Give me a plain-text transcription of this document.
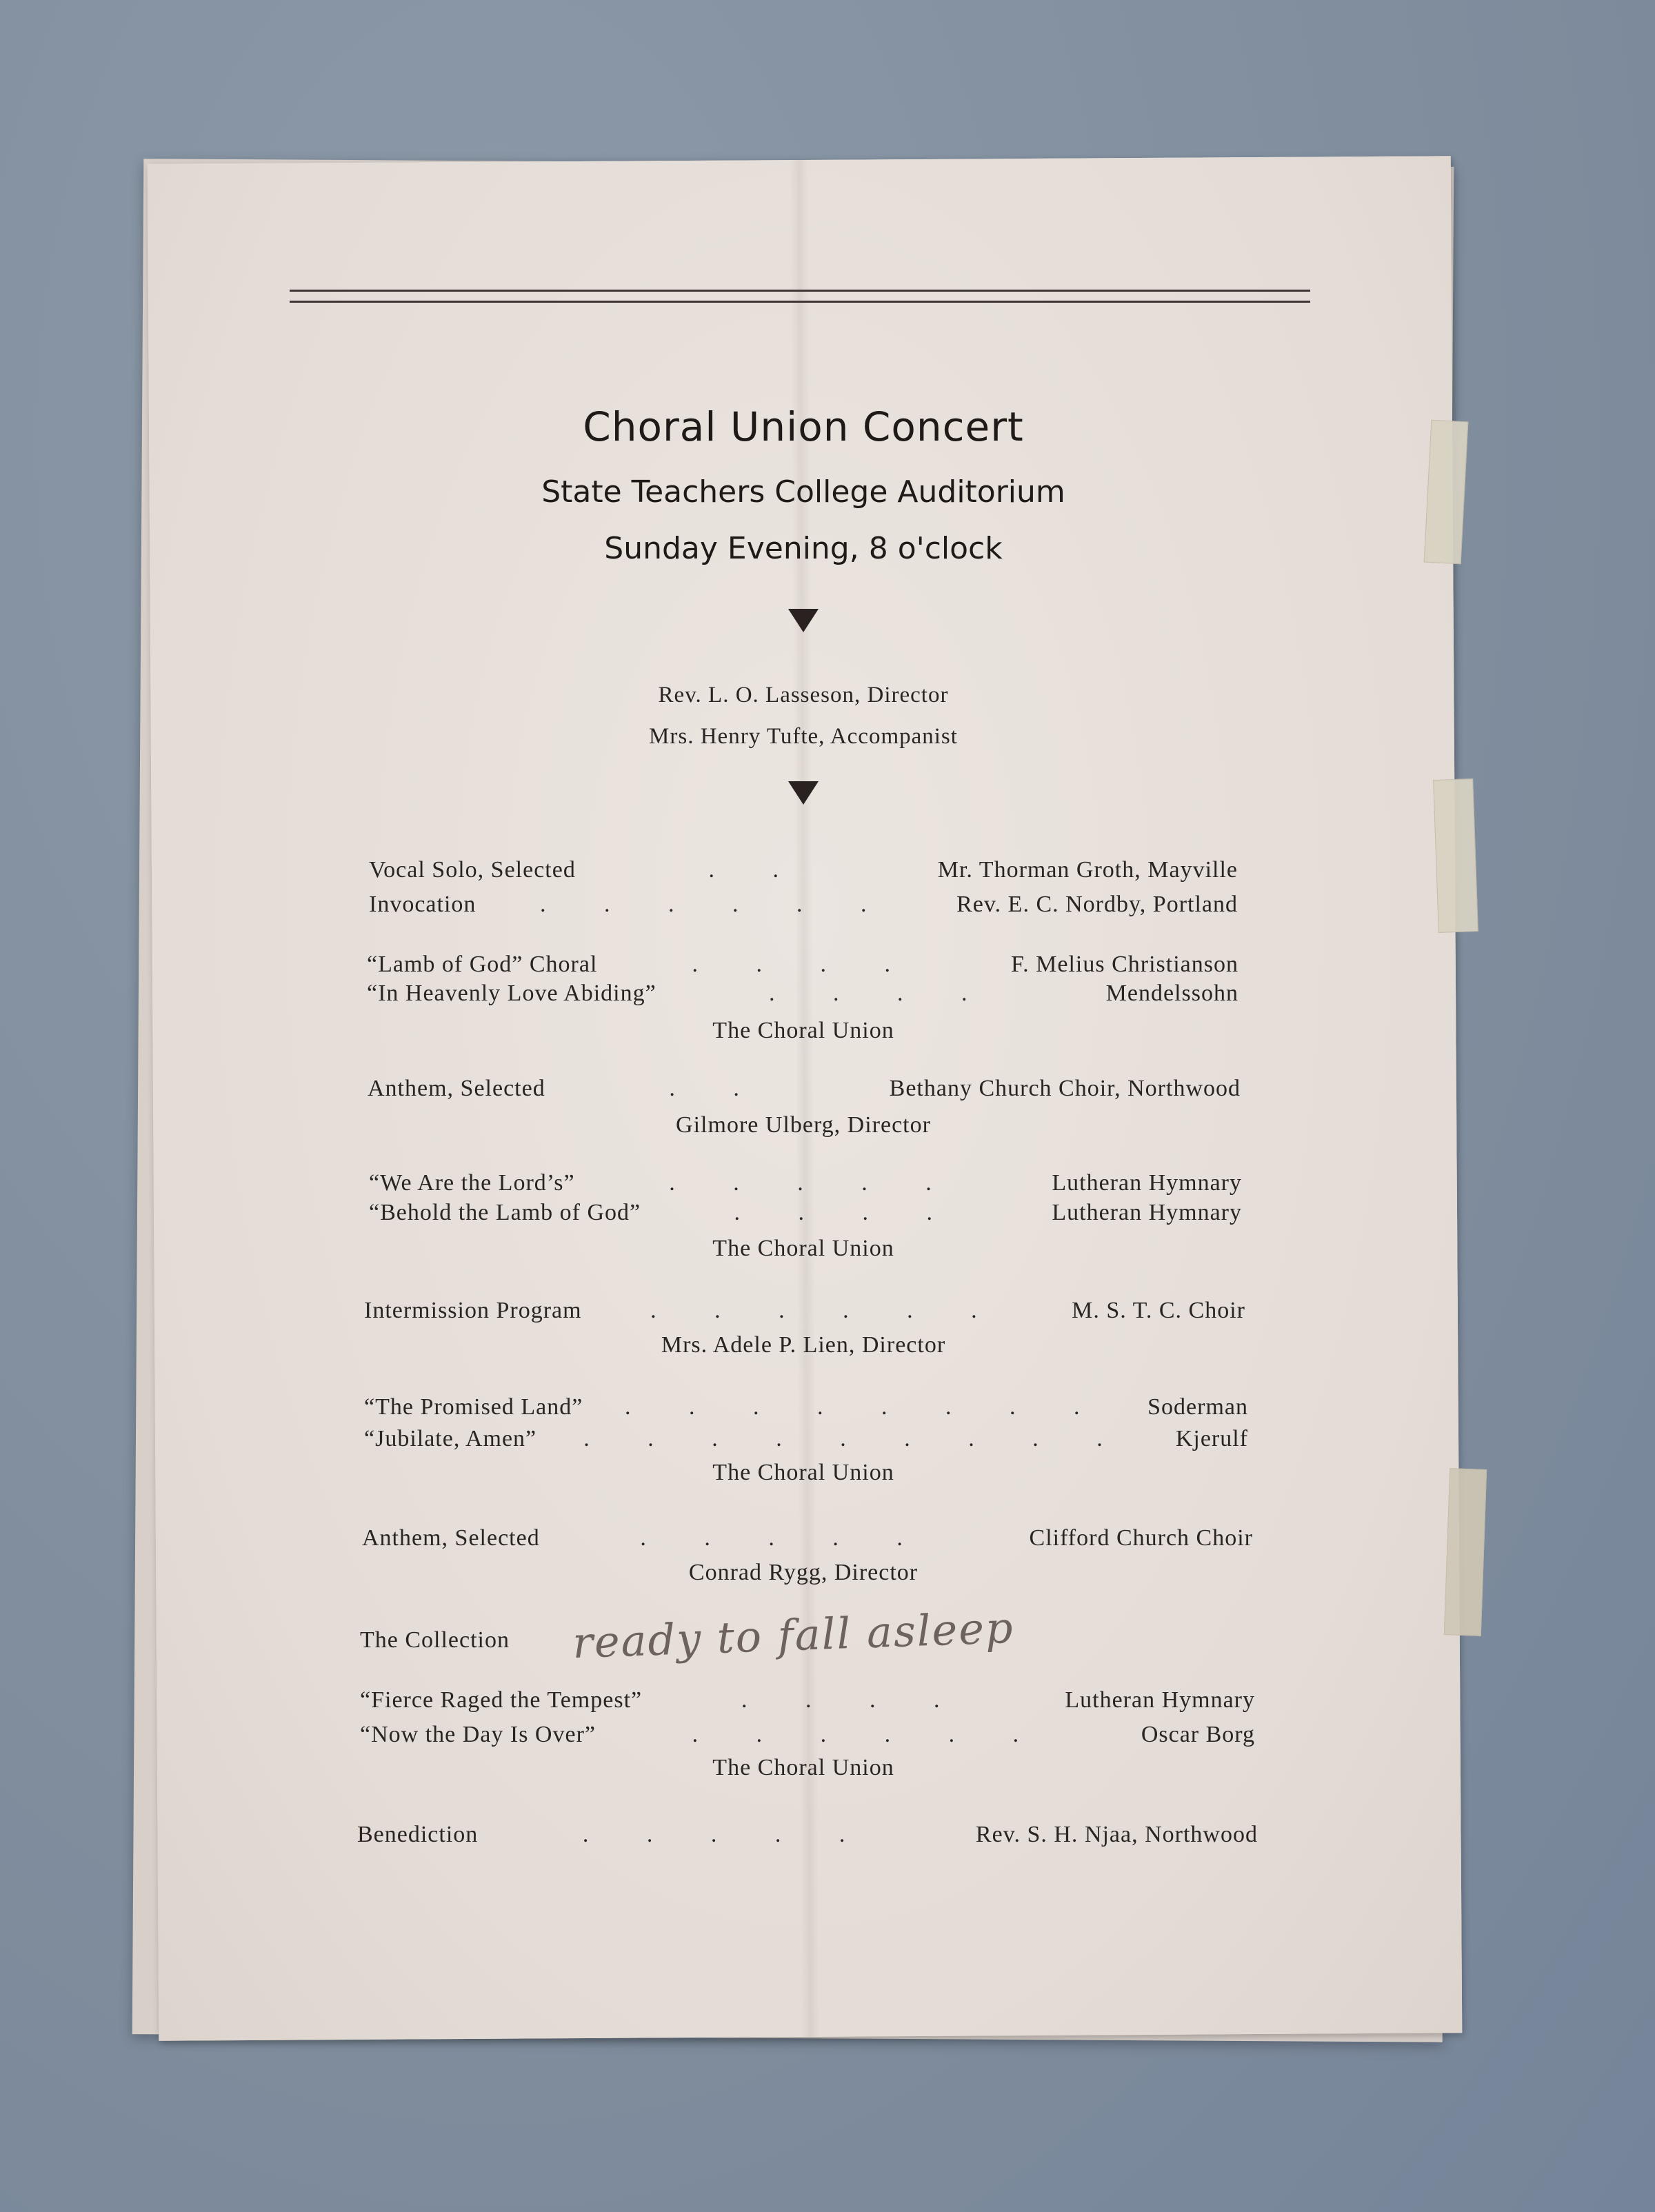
Choral Union Concert
State Teachers College Auditorium
Sunday Evening, 8 o'clock
Rev. L. O. Lasseson, Director
Mrs. Henry Tufte, Accompanist
Vocal Solo, Selected	. .	Mr. Thorman Groth, Mayville
Invocation	. . . . . .	Rev. E. C. Nordby, Portland
“Lamb of God” Choral	. . . .	F. Melius Christianson
“In Heavenly Love Abiding”	. . . .	Mendelssohn
The Choral Union
Anthem, Selected	. .	Bethany Church Choir, Northwood
Gilmore Ulberg, Director
“We Are the Lord’s”	. . . . .	Lutheran Hymnary
“Behold the Lamb of God”	. . . .	Lutheran Hymnary
The Choral Union
Intermission Program	. . . . . .	M. S. T. C. Choir
Mrs. Adele P. Lien, Director
“The Promised Land”	. . . . . . . .	Soderman
“Jubilate, Amen”	. . . . . . . . .	Kjerulf
The Choral Union
Anthem, Selected	. . . . .	Clifford Church Choir
Conrad Rygg, Director
The Collection ready to fall asleep
“Fierce Raged the Tempest”	. . . .	Lutheran Hymnary
“Now the Day Is Over”	. . . . . .	Oscar Borg
The Choral Union
Benediction	. . . . .	Rev. S. H. Njaa, Northwood
